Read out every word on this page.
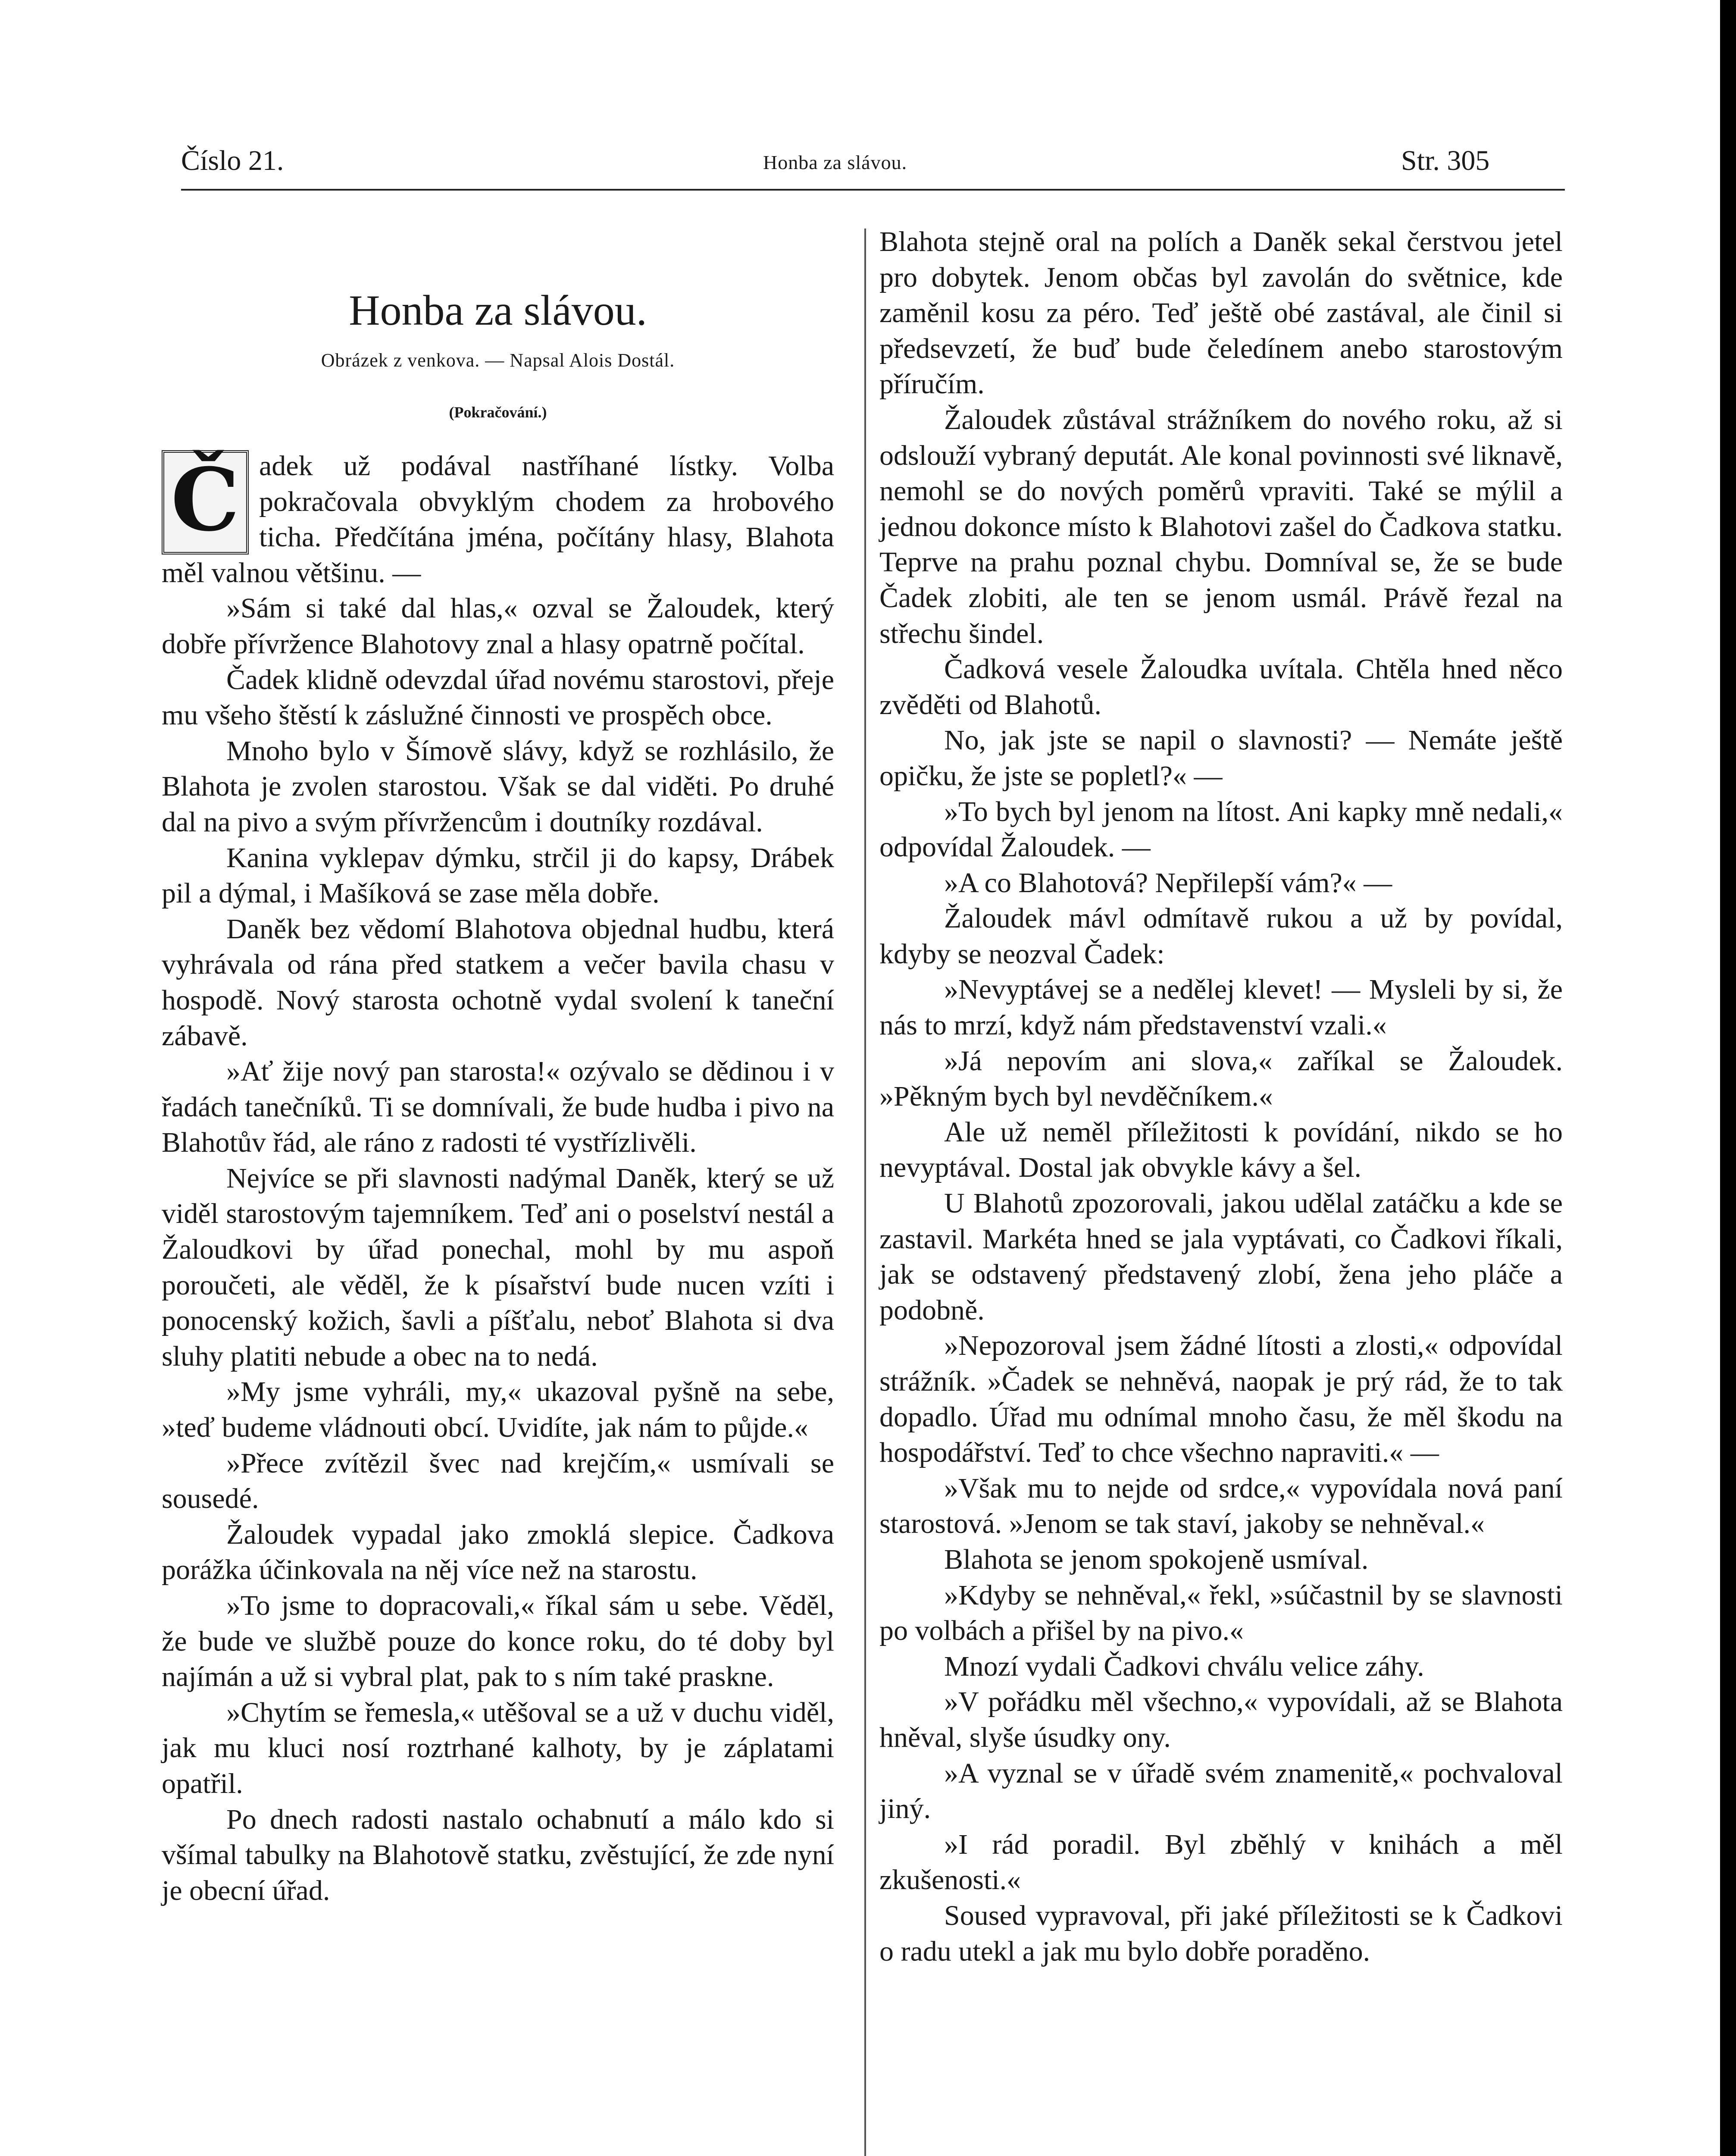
Číslo 21.	Honba za slávou.	Str. 305
Honba za slávou.
Obrázek z venkova. — Napsal Alois Dostál.
(Pokračování.)

Č adek už podával nastříhané lístky. Volba pokračovala obvyklým chodem za hrobového ticha. Předčítána jména, počítány hlasy, Blahota měl valnou většinu. —

»Sám si také dal hlas,« ozval se Žaloudek, který dobře přívržence Blahotovy znal a hlasy opatrně počítal.

Čadek klidně odevzdal úřad novému starostovi, přeje mu všeho štěstí k záslužné činnosti ve prospěch obce.

Mnoho bylo v Šímově slávy, když se rozhlásilo, že Blahota je zvolen starostou. Však se dal viděti. Po druhé dal na pivo a svým přívržencům i doutníky rozdával.

Kanina vyklepav dýmku, strčil ji do kapsy, Drábek pil a dýmal, i Mašíková se zase měla dobře.

Daněk bez vědomí Blahotova objednal hudbu, která vyhrávala od rána před statkem a večer bavila chasu v hospodě. Nový starosta ochotně vydal svolení k taneční zábavě.

»Ať žije nový pan starosta!« ozývalo se dědinou i v řadách tanečníků. Ti se domnívali, že bude hudba i pivo na Blahotův řád, ale ráno z radosti té vystřízlivěli.

Nejvíce se při slavnosti nadýmal Daněk, který se už viděl starostovým tajemníkem. Teď ani o poselství nestál a Žaloudkovi by úřad ponechal, mohl by mu aspoň poroučeti, ale věděl, že k písařství bude nucen vzíti i ponocenský kožich, šavli a píšťalu, neboť Blahota si dva sluhy platiti nebude a obec na to nedá.

»My jsme vyhráli, my,« ukazoval pyšně na sebe, »teď budeme vládnouti obcí. Uvidíte, jak nám to půjde.«

»Přece zvítězil švec nad krejčím,« usmívali se sousedé.

Žaloudek vypadal jako zmoklá slepice. Čadkova porážka účinkovala na něj více než na starostu.

»To jsme to dopracovali,« říkal sám u sebe. Věděl, že bude ve službě pouze do konce roku, do té doby byl najímán a už si vybral plat, pak to s ním také praskne.

»Chytím se řemesla,« utěšoval se a už v duchu viděl, jak mu kluci nosí roztrhané kalhoty, by je záplatami opatřil.

Po dnech radosti nastalo ochabnutí a málo kdo si všímal tabulky na Blahotově statku, zvěstující, že zde nyní je obecní úřad.

Blahota stejně oral na polích a Daněk sekal čerstvou jetel pro dobytek. Jenom občas byl zavolán do světnice, kde zaměnil kosu za péro. Teď ještě obé zastával, ale činil si předsevzetí, že buď bude čeledínem anebo starostovým příručím.

Žaloudek zůstával strážníkem do nového roku, až si odslouží vybraný deputát. Ale konal povinnosti své liknavě, nemohl se do nových poměrů vpraviti. Také se mýlil a jednou dokonce místo k Blahotovi zašel do Čadkova statku. Teprve na prahu poznal chybu. Domníval se, že se bude Čadek zlobiti, ale ten se jenom usmál. Právě řezal na střechu šindel.

Čadková vesele Žaloudka uvítala. Chtěla hned něco zvěděti od Blahotů.

No, jak jste se napil o slavnosti? — Nemáte ještě opičku, že jste se popletl?« —

»To bych byl jenom na lítost. Ani kapky mně nedali,« odpovídal Žaloudek. —

»A co Blahotová? Nepřilepší vám?« —

Žaloudek mávl odmítavě rukou a už by povídal, kdyby se neozval Čadek:

»Nevyptávej se a nedělej klevet! — Mysleli by si, že nás to mrzí, když nám představenství vzali.«

»Já nepovím ani slova,« zaříkal se Žaloudek. »Pěkným bych byl nevděčníkem.«

Ale už neměl příležitosti k povídání, nikdo se ho nevyptával. Dostal jak obvykle kávy a šel.

U Blahotů zpozorovali, jakou udělal zatáčku a kde se zastavil. Markéta hned se jala vyptávati, co Čadkovi říkali, jak se odstavený představený zlobí, žena jeho pláče a podobně.

»Nepozoroval jsem žádné lítosti a zlosti,« odpovídal strážník. »Čadek se nehněvá, naopak je prý rád, že to tak dopadlo. Úřad mu odnímal mnoho času, že měl škodu na hospodářství. Teď to chce všechno napraviti.« —

»Však mu to nejde od srdce,« vypovídala nová paní starostová. »Jenom se tak staví, jakoby se nehněval.«

Blahota se jenom spokojeně usmíval.

»Kdyby se nehněval,« řekl, »súčastnil by se slavnosti po volbách a přišel by na pivo.«

Mnozí vydali Čadkovi chválu velice záhy.

»V pořádku měl všechno,« vypovídali, až se Blahota hněval, slyše úsudky ony.

»A vyznal se v úřadě svém znamenitě,« pochvaloval jiný.

»I rád poradil. Byl zběhlý v knihách a měl zkušenosti.«

Soused vypravoval, při jaké příležitosti se k Čadkovi o radu utekl a jak mu bylo dobře poraděno.
